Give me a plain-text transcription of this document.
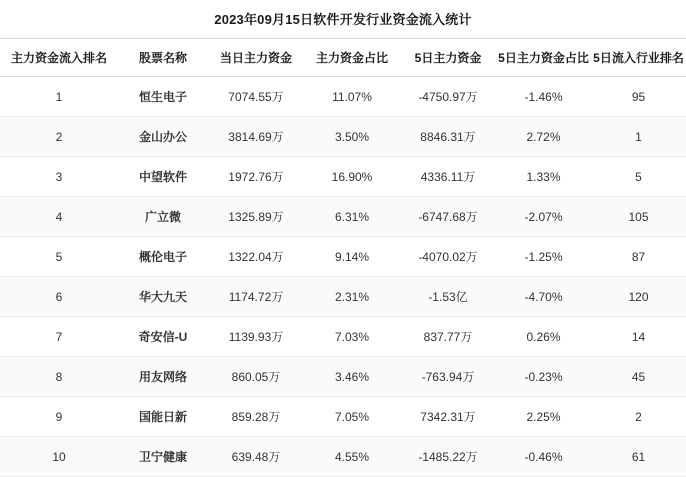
2023年09月15日软件开发行业资金流入统计
主力资金流入排名	股票名称	当日主力资金	主力资金占比	5日主力资金	5日主力资金占比	5日流入行业排名
1	恒生电子	7074.55万	11.07%	-4750.97万	-1.46%	95
2	金山办公	3814.69万	3.50%	8846.31万	2.72%	1
3	中望软件	1972.76万	16.90%	4336.11万	1.33%	5
4	广立微	1325.89万	6.31%	-6747.68万	-2.07%	105
5	概伦电子	1322.04万	9.14%	-4070.02万	-1.25%	87
6	华大九天	1174.72万	2.31%	-1.53亿	-4.70%	120
7	奇安信-U	1139.93万	7.03%	837.77万	0.26%	14
8	用友网络	860.05万	3.46%	-763.94万	-0.23%	45
9	国能日新	859.28万	7.05%	7342.31万	2.25%	2
10	卫宁健康	639.48万	4.55%	-1485.22万	-0.46%	61
